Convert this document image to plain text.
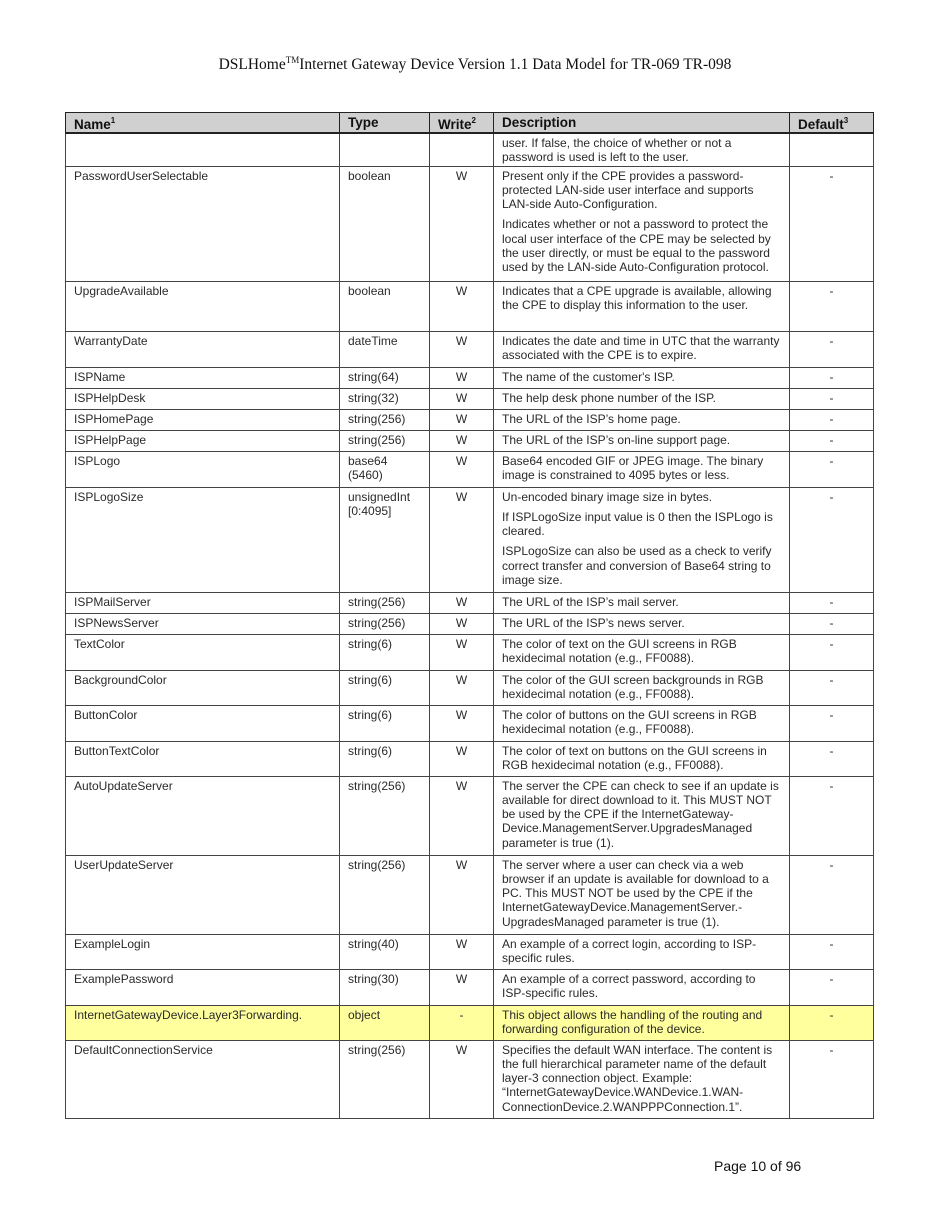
DSLHome™Internet Gateway Device Version 1.1 Data Model for TR-069 TR-098
Name$^1$	Type	Write$^2$	Description	Default$^3$

			user. If false, the choice of whether or not a password is used is left to the user.	

PasswordUserSelectable	boolean	W	Present only if the CPE provides a password-protected LAN-side user interface and supports LAN-side Auto-Configuration.

Indicates whether or not a password to protect the local user interface of the CPE may be selected by the user directly, or must be equal to the password used by the LAN-side Auto-Configuration protocol.	-
UpgradeAvailable	boolean	W	Indicates that a CPE upgrade is available, allowing the CPE to display this information to the user.	-
WarrantyDate	dateTime	W	Indicates the date and time in UTC that the warranty associated with the CPE is to expire.	-
ISPName	string(64)	W	The name of the customer's ISP.	-
ISPHelpDesk	string(32)	W	The help desk phone number of the ISP.	-
ISPHomePage	string(256)	W	The URL of the ISP’s home page.	-
ISPHelpPage	string(256)	W	The URL of the ISP’s on-line support page.	-
ISPLogo	base64 (5460)	W	Base64 encoded GIF or JPEG image. The binary image is constrained to 4095 bytes or less.	-
ISPLogoSize	unsignedInt [0:4095]	W	Un-encoded binary image size in bytes.

If ISPLogoSize input value is 0 then the ISPLogo is cleared.

ISPLogoSize can also be used as a check to verify correct transfer and conversion of Base64 string to image size.	-
ISPMailServer	string(256)	W	The URL of the ISP’s mail server.	-
ISPNewsServer	string(256)	W	The URL of the ISP’s news server.	-
TextColor	string(6)	W	The color of text on the GUI screens in RGB hexidecimal notation (e.g., FF0088).	-
BackgroundColor	string(6)	W	The color of the GUI screen backgrounds in RGB hexidecimal notation (e.g., FF0088).	-
ButtonColor	string(6)	W	The color of buttons on the GUI screens in RGB hexidecimal notation (e.g., FF0088).	-
ButtonTextColor	string(6)	W	The color of text on buttons on the GUI screens in RGB hexidecimal notation (e.g., FF0088).	-
AutoUpdateServer	string(256)	W	The server the CPE can check to see if an update is available for direct download to it. This MUST NOT be used by the CPE if the InternetGateway-Device.ManagementServer.UpgradesManaged parameter is true (1).	-
UserUpdateServer	string(256)	W	The server where a user can check via a web browser if an update is available for download to a PC. This MUST NOT be used by the CPE if the InternetGatewayDevice.ManagementServer.-UpgradesManaged parameter is true (1).	-
ExampleLogin	string(40)	W	An example of a correct login, according to ISP-specific rules.	-
ExamplePassword	string(30)	W	An example of a correct password, according to ISP-specific rules.	-
InternetGatewayDevice.Layer3Forwarding.	object	-	This object allows the handling of the routing and forwarding configuration of the device.	-
DefaultConnectionService	string(256)	W	Specifies the default WAN interface. The content is the full hierarchical parameter name of the default layer-3 connection object. Example: “InternetGatewayDevice.WANDevice.1.WAN-ConnectionDevice.2.WANPPPConnection.1”.	-
Page 10 of 96
